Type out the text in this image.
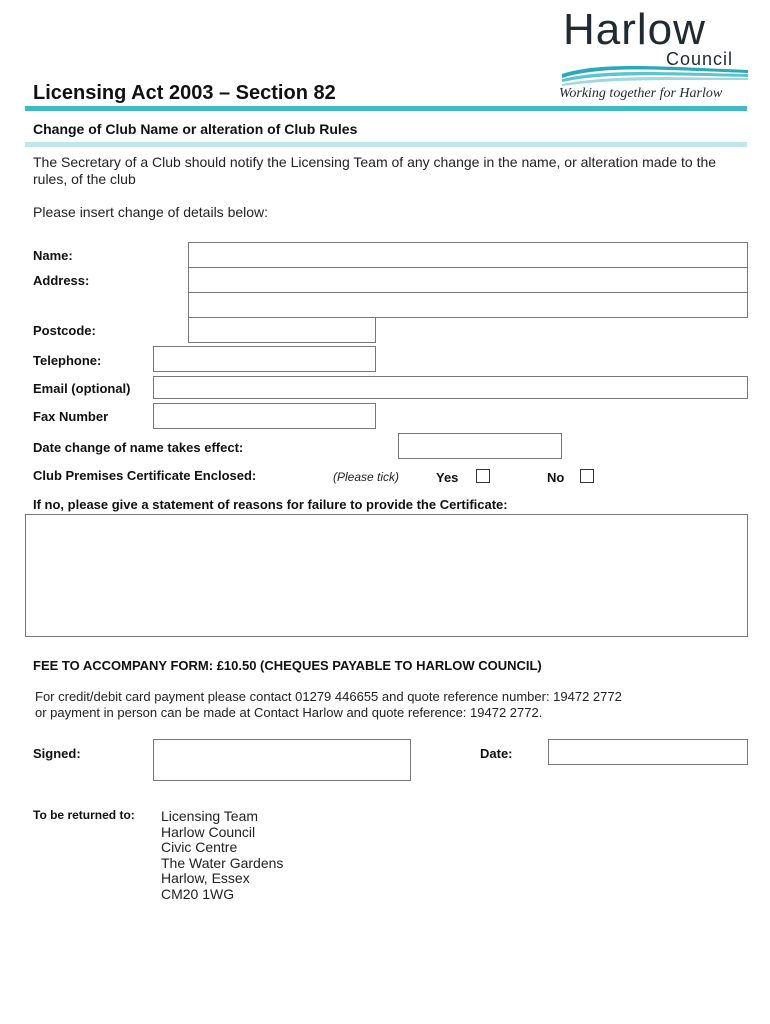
Harlow
Council
Working together for Harlow
Licensing Act 2003 – Section 82
Change of Club Name or alteration of Club Rules
The Secretary of a Club should notify the Licensing Team of any change in the name, or alteration made to the rules, of the club
Please insert change of details below:
Name:
Address:
Postcode:
Telephone:
Email (optional)
Fax Number
Date change of name takes effect:
Club Premises Certificate Enclosed:	(Please tick)	Yes	No
If no, please give a statement of reasons for failure to provide the Certificate:
FEE TO ACCOMPANY FORM: £10.50 (CHEQUES PAYABLE TO HARLOW COUNCIL)
For credit/debit card payment please contact 01279 446655 and quote reference number: 19472 2772
or payment in person can be made at Contact Harlow and quote reference: 19472 2772.
Signed:	Date:
To be returned to: Licensing Team
Harlow Council
Civic Centre
The Water Gardens
Harlow, Essex
CM20 1WG
